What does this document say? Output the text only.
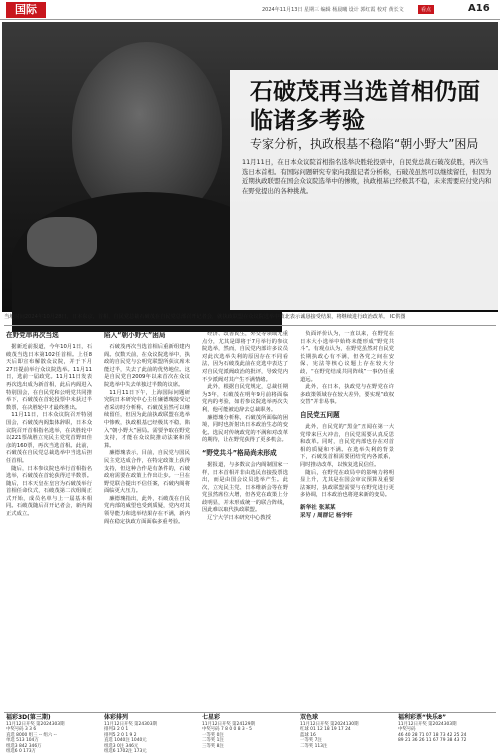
国际	2024年11月13日 星期三 编辑 杨晨曦 设计 郭红霞 校对 黄长文	看点	A16
石破茂再当选首相仍面临诸多考验
专家分析，执政根基不稳陷“朝小野大”困局
11月11日，在日本众议院首相指名选举决胜轮投票中，自民党总裁石破茂获胜，再次当选日本首相。有国际问题研究专家向我报记者分析称，石破茂虽然可以继续留任，但因为近期执政联盟在国会众议院选举中的惨败，执政根基已经极其不稳，未来需要应付党内和在野党提出的各种挑战。
当地时间2024年10月28日，日本东京，首相、自民党总裁石破茂在自民党总部召开记者会，就执政联盟在众议院选举中败北表示诚恳接受结果，将继续进行政治改革。 IC供图
在野党串再次当选

据新近前报道，今年10月1日，石破茂当选日本第102任首相。上任8天后即宣布解散众议院，并于下月27日提前举行众议院选举。11月11日，选前一届政党。11月11日发表再次选出成为新首相，此后内阁进入特别国会，在自民党和公明党共同推举下，石破茂在首轮投票中未获过半数票，在决胜轮中才最终胜出。

11月11日，日本众议院召开特别国会，石破茂内阁集体辞职，日本众议院召开首相指名选举，在决胜轮中以221票战胜立宪民主党党首野田佳彦的160票，再次当选首相。此前，石破茂在自民党总裁选举中当选后担任首相。

随后，日本参议院也举行首相指名选举，石破茂在首轮获得过半数票。随后，日本天皇在皇宫为石破茂举行首相任命仪式，石破茂第二次组阁正式开始，成员名单与上一届基本相同。石破茂随后召开记者会，新内阁正式成立。

陷入“朝小野大”困局

石破茂再次当选首相后重新组建内阁。仅数天前，在众议院选举中，执政的自民党与公明党联盟所获议席未能过半，失去了此前的优势地位。这是自民党自2009年以来首次在众议院选举中失去单独过半数的议席。

11月11日下午，上海国际问题研究院日本研究中心主任廉德瑰接受记者采访时分析称，石破茂虽然可以继续留任，但因为此前执政联盟在选举中惨败，执政根基已经极其不稳，陷入“朝小野大”困局。需要争取在野党支持，才能在众议院推动法案和预算。

廉德瑰表示，目前，自民党与国民民主党达成合作，在特定政策上获得支持，但这种合作是有条件的，石破政府需要在政策上作出让步。一旦在野党联合提出不信任案，石破内阁将面临更大压力。

廉德瑰指出，此外，石破茂在自民党内部的威望也受到质疑，党内对其领导能力和选举结果存在不满，新内阁在稳定执政方面面临多重考验。

经济、改善民生，外交等领域无重点分，尤其是即将于7月举行的参议院选举，然而，自民党内部许多议员对此次选举失利的原因存在不同看法，因为石破茂此前在竞选中表达了对自民党派阀政治的批评，导致党内不少派阀对其产生不满情绪。

此外，根据自民党规定，总裁任期为3年，石破茂在明年9月前将面临党内的考验，如若参议院选举再次失利，他可能被迫辞去总裁职务。

廉德瑰分析称，石破茂所面临的困境，同时也折射出日本政治生态的变化。选民对传统政党的不满和对改革的期待，让在野党获得了更多机会。

“野党共斗”格局尚未形成

据报道，与多数议会内阁制国家一样，日本首相并非由选民直接投票选出，而是由国会议员选举产生。此次，立宪民主党、日本维新会等在野党虽然席位大增，但各党在政策上分歧明显，并未形成统一的联合阵线，因此难以取代执政联盟。

辽宁大学日本研究中心教授

负面评价认为，一直以来，在野党在日本大小选举中始终未能形成“野党共斗”。有观点认为，在野党虽然对自民党长期执政心有不满，但各党之间在安保、宪法等核心议题上存在较大分歧，“在野党结成共同阵线”一事仍任重道远。

此外，在日本，执政党与在野党在许多政策领域存在较大差异，要实现“政权交替”并非易事。

自民党五问题

此外，自民党的“黑金”丑闻在第一大党带来巨大冲击，自民党需要认真反思和改革。同时，自民党内部也存在对首相的质疑和不满。在选举失利的背景下，石破茂首相需要团结党内各派系，同时推动改革，以恢复选民信任。

随后，在野党在政局中的影响力将明显上升，尤其是在国会审议预算及重要法案时，执政联盟需要与在野党进行更多协调，日本政治也将迎来新的变局。

新华社 张某某
采写 / 周群记 杨宇轩
福彩3D(第三期)
11月12日开奖 第2024303期
中奖号码 3 3 6
直选 8000 组三 -- 组六 --
单选 513 104万
组选3 842 346万
组选6 0 173万
体彩排列
11月12日开奖 第24303期
排列3 2 0 1
排列5 2 0 1 9 2
直选 1040注 1040元
组选3 0注 346元
组选6 1702注 173元
七星彩
11月12日开奖 第24129期
中奖号码 7 8 0 0 8 3 - 5
一等奖 0注
二等奖 1注
三等奖 8注
双色球
11月12日开奖 第2024130期
红球 01 12 18 19 17 24
蓝球 16
一等奖 7注
二等奖 113注
福利彩票“快乐8”
11月12日开奖 第2024303期
中奖号码
46 40 28 71 07 18 73 42 25 24
89 21 36 26 11 67 79 38 43 72
